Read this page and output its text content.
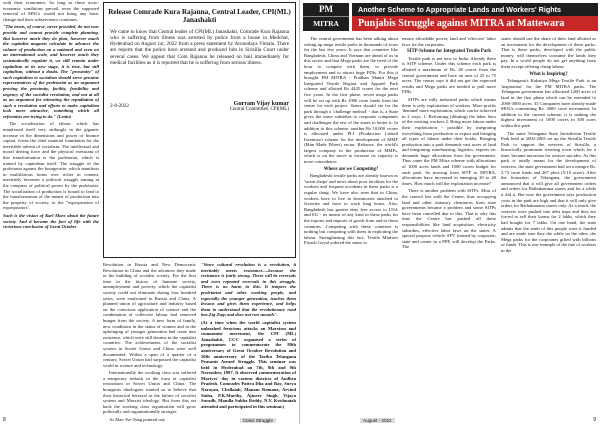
with their economies. So long as these socio-economic conditions prevail, even the supposed removal of MNCs would not bring any basic change and their subservience continues.

"The trusts, of course, never provided, do not now provide and cannot provide complete planning. But however much they do plan, however much the capitalist magnets calculate in advance the volume of production on a national and even on an international scale, and however much they systematically regulate it, we still remain under capitalism at its new stage, it is true, but still capitalism, without a doubt. The "proximity" of such capitalism to socialism should serve genuine representatives of the proletariat as an argument proving the proximity, facility, feasibility and urgency of the socialist revolution, and not at all as an argument for tolerating the repudiation of such a revolution and efforts to make capitalism look more attractive, something which all reformists are trying to do." (Lenin)

The socialisation of labour which has manifested itself very strikingly in the gigantic increase in the dimensions and power of finance capital, forms the chief material foundation for the inevitable advent of socialism. The intellectual and moral driving force and the physical executant of this transformation is the proletariat, which is trained by capitalism itself. The struggle of the proletariat against the bourgeoisie, which manifests in multifarious forms ever richer in content, inevitably becomes a political struggle aiming at the conquest of political power by the proletariat. The socialisation of production is bound to lead to the transformation of the means of production into the property of society, to the "expropriation of expropriators".

Such is the vision of Karl Marx about the future society. And it became the fact of life with the victorious conclusion of Great October

Release Comrade Kura Rajanna, Central Leader, CPI(ML) Janashakti
We came to know that Central leader of CPI(ML) Janashakti, Comrade Kura Rajanna who is suffering from illness was arrested by police from a house in Medchal, Hyderabad on August 1st, 2022 from a press statement by Arunodaya Vimala. There are reports that the police have arrested and produced him in Sirisilla Court under several cases. We appeal that Com Rajanna be released on bail immediately for medical facilities as it is reported that he is suffering from serious illness.
2-8-2022	Gurram Vijay kumar
Central Committee, CPI(ML)

Revolution in Russia and New Democratic Revolution in China and the advances they made in the building of socialist society. For the first time in the history of humane society, unemployment and poverty, which the capitalist society could not eliminate during four hundred years, were eradicated in Russia and China. A planned union of agriculture and industry based on the conscious application of science and the combination of collective labour had removed hunger from the society. A new form of family, new conditions in the status of women and in the upbringing of younger generation had come into existence, which were still dreams in the capitalist countries. The achievements of the socialist system in Soviet Union and China were well documented. Within a span of a quarter of a century, Soviet Union had surpassed the capitalist world in science and technology.

Internationally the working class was suffered a temporary setback in the form of capitalist restoration in Soviet Union and China. The bourgeois ideologues wanted us to believe that their historical betrayal as the failure of socialist system and Marxist ideology. But from this set back the working class organisation will grow politically and organisationally stronger.

As Mao Tse-Tung pointed out;

"Since cultural revolution is a revolution, it inevitably meets resistance.....because the resistance is fairly strong. There will be reversals and even repeated reversals in this struggle. There is no harm in this. It tempers the proletariat and other working people, and especially the younger generation, teaches them lessons and gives them experience, and helps them to understand that the revolutionary road has Zig-Zags and does not run smooth".

(At a time when the world capitalist system unleashed ferocious attacks on Marxism and communist movement, the CPI (ML) Janashakti, CCC organised a series of programmes to commemorate the 80th anniversary of Great October Revolution and 50th anniversary of the Tariba Telangana Peasants Armed Struggle. This seminar was held in Hyderabad on 7th, 8th and 9th November, 1997. It observed commemoration of Martyrs' day in various districts of Andhra Pradesh. Comrades Pattra Dha and Ray, Surya Narayan, Chellaiah, Manam Ramana, Arvind Sinha, P.K.Murthy, Ajmeer Singh, Vijaya Suradh, Mandla Subba Reddy, N.V. Krishnaiah attended and participated in this seminar.)

8	Class Struggle
PM
MITRA
Another Scheme to Appropriate Lands and Workers' Rights
Punjabis Struggle against MITRA at Mattewara

The central government has been talking about setting up mega textile parks in thousands of acres for the last few years. It says that countries like Bangladesh, China and Vietnam are ahead of us in this sector and that Mega parks are the need of the hour to compete with them, to provide employment and to attract huge FDIs. For this it brought PM MITRA - Pradhan Mantri Mega Integrated Textile Region and Apparel Park scheme and allotted Rs 4445 crores for the next five years. In the first phase, seven mega parks will be set up with Rs 1000 crore funds from the centre for each project. States should vie for the park through a 'challenge method' - that is, a State gives the more subsidies to corporate companies and challenges the rest of the states to better it. In addition to this scheme, another Rs 10,000 crores is allocated under PLI (Production Linked Incentive) scheme for the development of MMF (Man Made Fibres) sector. Reliance, the world's largest company in the production of MMFs, which is on the move to increase its capacity is more coincidence.

Where are we Competing?

Bangladeshi textile parks are already known as 'sweat shops' and news about poor facilities for the workers and frequent accidents in these parks is a regular thing. We have also seen that in China, workers have to live in dormitories attached to factories and have to work long hours. Also, Bangladesh has greater duty free access to USA and EU - its means of any kind in these parks for the exports and imports of goods from and to those countries. Competing with these countries is nothing but competing with them in exploiting the labour. Strengthening this fact, Textile Minister Piyush Goyal ordered the states to

ensure affordable power, land and 'effective' labor laws for the corporates.

SITP-Scheme for Integrated Textile Park

Textile park is not new to India. Already there is SITP scheme. Under this scheme each park is allotted a maximum of Rs. 40 crores from the central government and have an area of 25 to 75 acres. The center says it did not get the expected results and Mega parks are needed to pull more FDIs.

SITPs are fully industrial parks which means there is only exploitation of workers. More profits 'demand' more exploitation, which can be achieved in 2 ways. 1. Reforming (diluting) the labor laws of the existing workers 2. Bring more labour under their exploitation - possible by integrating everything from production to export and bringing all types of labour under their books. Bringing production into a park demands vast acres of land and integrating warehousing, logistics, exports etc demands huge allocations from the government. Thus came the PM Mitra scheme with allocations of 1000 acres lands and 1000 crores budget for each park. So moving from SITP to MITRA, allocations have increased in emerging 20 to 40 times. How much will the exploitation increase?

There is another problem with SITPs. Most of the control lies with the Center, thus occupying land and other statutory clearances from state governments became a problem and some SITPs have been cancelled due to this. That is why this time the Centre has pushed all these responsibilities like land acquisition, electricity subsidies, effective labor laws on the states. A special purpose vehicle SPV formed by corporate, state and center in a PPP, will develop the Parks. The

states should use the share of their land allotted as an investment for the development of these parks. That is these parks, developed with the public money, will themselves consume the lands they pay. In a world people do not get anything from them except offering cheap labour.

What is Inspiring?

Telangana's Kakatiya Mega Textile Park is an 'inspiration' for the PM MITRA parks. The Telangana government has allocated 1200 acres of land in the first phase which can be extended to 2000-3000 acres. 33 Companies have already made MOUs committing Rs. 3000 crore investment. In addition to the current scheme, it is making the highest investment of 1000 crores in 300 acres within this park.

The same Telangana State Jurisdiction Textile Park held in 2002-2003 set up the Sirisilla Textile Park to support the weavers of Sirisilla, a historically prominent weaving town which for a time, became notorious for weaver suicides. As this park is totally meant for the development of weavers, the state government had set a meagre Rs. 2.73 crore funds and 267 plots (5-10 acres). After the formation of Telangana, the government announced that it will give all government orders and orders for Bathukamma sarees and for a while it did it. But now the government says production costs in the park are high and that it will only give orders for Bathukamma sarees only. As a result, the weavers were pushed into debt traps and they are forced to sell their looms for 2 lakhs, which they had bought for 7 lakhs. On one hand, the state admits that the tenth of this people were it funded and are made sure they die while on the other, the Mega parks for the corporates gifted with billions of funds. This is one example of the fate of workers in the

August - 2022	9
